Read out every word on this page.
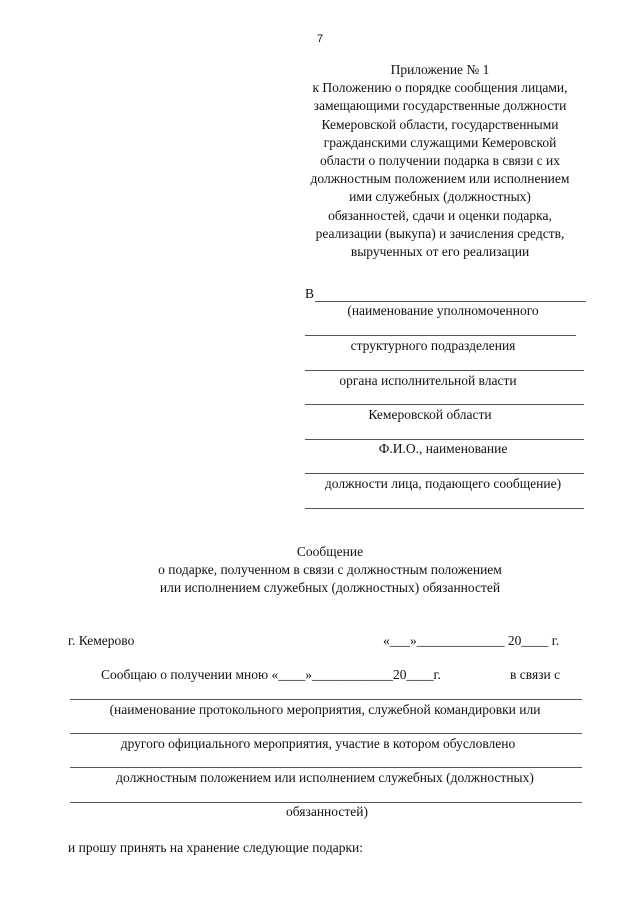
7
Приложение № 1
к Положению о порядке сообщения лицами,
замещающими государственные должности
Кемеровской области, государственными
гражданскими служащими Кемеровской
области о получении подарка в связи с их
должностным положением или исполнением
ими служебных (должностных)
обязанностей, сдачи и оценки подарка,
реализации (выкупа) и зачисления средств,
вырученных от его реализации
В
(наименование уполномоченного
структурного подразделения
органа исполнительной власти
Кемеровской области
Ф.И.О., наименование
должности лица, подающего сообщение)
Сообщение
о подарке, полученном в связи с должностным положением
или исполнением служебных (должностных) обязанностей
г. Кемерово	«___»_____________ 20____ г.
Сообщаю о получении мною «____»____________20____г.	в связи с
(наименование протокольного мероприятия, служебной командировки или
другого официального мероприятия, участие в котором обусловлено
должностным положением или исполнением служебных (должностных)
обязанностей)
и прошу принять на хранение следующие подарки:
